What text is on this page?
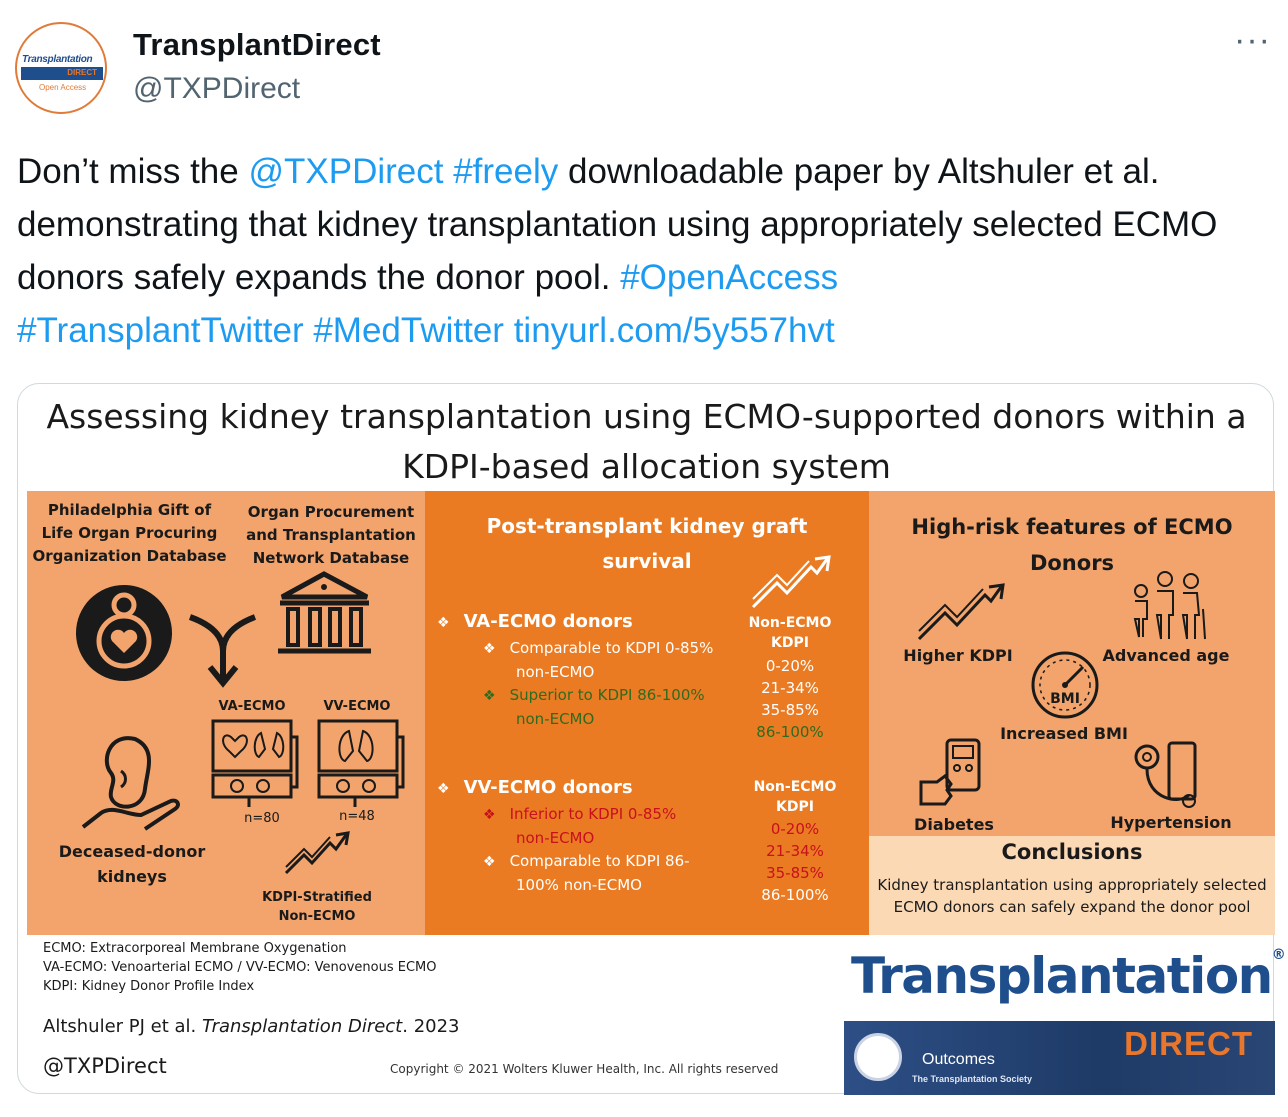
Transplantation
DIRECT
Open Access
TransplantDirect
@TXPDirect
···
Don’t miss the @TXPDirect #freely downloadable paper by Altshuler et al. demonstrating that kidney transplantation using appropriately selected ECMO donors safely expands the donor pool. #OpenAccess
#TransplantTwitter #MedTwitter tinyurl.com/5y557hvt
Assessing kidney transplantation using ECMO-supported donors within a
KDPI-based allocation system
Philadelphia Gift of
Life Organ Procuring
Organization Database
Organ Procurement
and Transplantation
Network Database
VA-ECMO	VV-ECMO
n=80	n=48
Deceased-donor
kidneys
KDPI-Stratified
Non-ECMO
Post-transplant kidney graft
survival
❖ VA-ECMO donors
❖ Comparable to KDPI 0-85%
non-ECMO
❖ Superior to KDPI 86-100%
non-ECMO
Non-ECMO
KDPI
0-20%
21-34%
35-85%
86-100%
❖ VV-ECMO donors
❖ Inferior to KDPI 0-85%
non-ECMO
❖ Comparable to KDPI 86-
100% non-ECMO
Non-ECMO
KDPI
0-20%
21-34%
35-85%
86-100%
High-risk features of ECMO
Donors
Higher KDPI	Advanced age
BMI
Increased BMI
Diabetes	Hypertension
Conclusions
Kidney transplantation using appropriately selected
ECMO donors can safely expand the donor pool
ECMO: Extracorporeal Membrane Oxygenation
VA-ECMO: Venoarterial ECMO / VV-ECMO: Venovenous ECMO
KDPI: Kidney Donor Profile Index
Altshuler PJ et al. Transplantation Direct. 2023
@TXPDirect	Copyright © 2021 Wolters Kluwer Health, Inc. All rights reserved
Transplantation®
DIRECT
Outcomes
The Transplantation Society
